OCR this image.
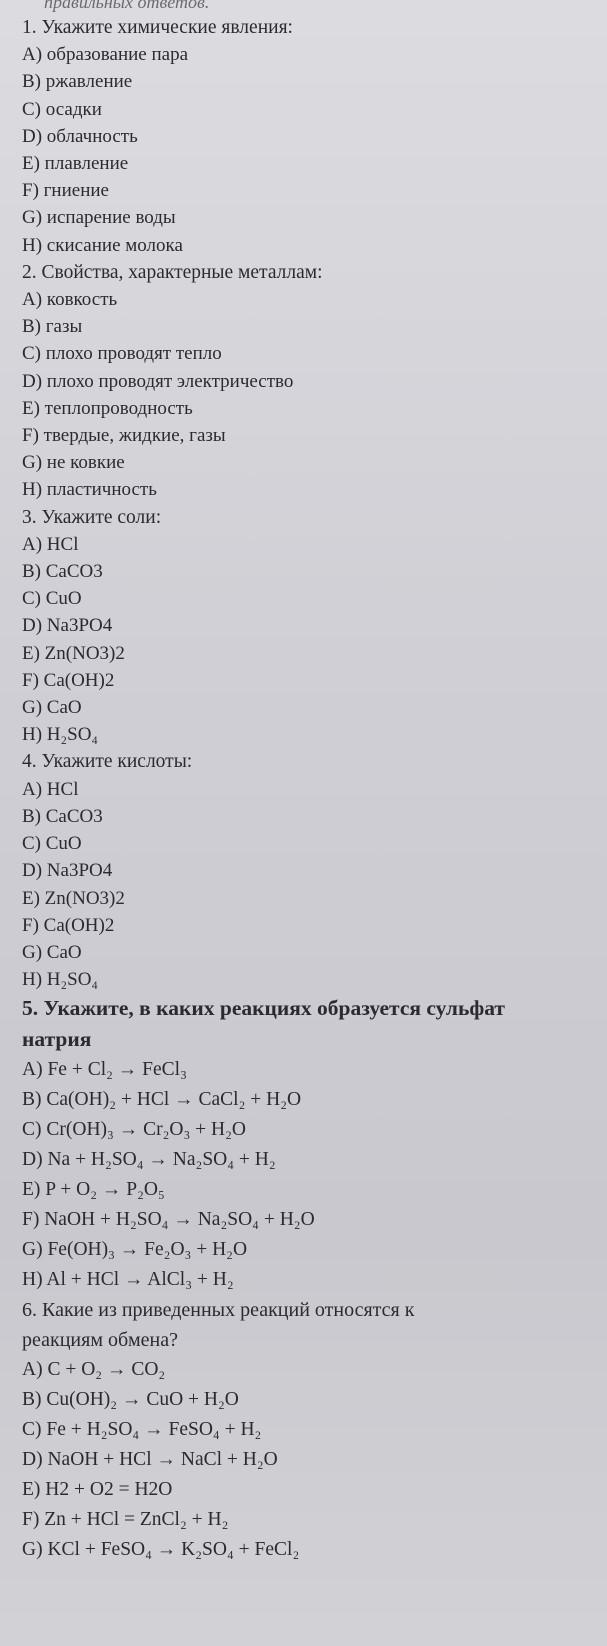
правильных ответов.
1. Укажите химические явления:
A) образование пара
B) ржавление
C) осадки
D) облачность
E) плавление
F) гниение
G) испарение воды
H) скисание молока
2. Свойства, характерные металлам:
A) ковкость
B) газы
C) плохо проводят тепло
D) плохо проводят электричество
E) теплопроводность
F) твердые, жидкие, газы
G) не ковкие
H) пластичность
3. Укажите соли:
A) HCl
B) CaCO3
C) CuO
D) Na3PO4
E) Zn(NO3)2
F) Ca(OH)2
G) CaO
H) H₂SO₄
4. Укажите кислоты:
A) HCl
B) CaCO3
C) CuO
D) Na3PO4
E) Zn(NO3)2
F) Ca(OH)2
G) CaO
H) H₂SO₄
5. Укажите, в каких реакциях образуется сульфат
натрия
A) Fe + Cl₂ → FeCl₃
B) Ca(OH)₂ + HCl → CaCl₂ + H₂O
C) Cr(OH)₃ → Cr₂O₃ + H₂O
D) Na + H₂SO₄ → Na₂SO₄ + H₂
E) P + O₂ → P₂O₅
F) NaOH + H₂SO₄ → Na₂SO₄ + H₂O
G) Fe(OH)₃ → Fe₂O₃ + H₂O
H) Al + HCl → AlCl₃ + H₂
6. Какие из приведенных реакций относятся к
реакциям обмена?
A) C + O₂ → CO₂
B) Cu(OH)₂ → CuO + H₂O
C) Fe + H₂SO₄ → FeSO₄ + H₂
D) NaOH + HCl → NaCl + H₂O
E) H2 + O2 = H2O
F) Zn + HCl = ZnCl₂ + H₂
G) KCl + FeSO₄ → K₂SO₄ + FeCl₂
